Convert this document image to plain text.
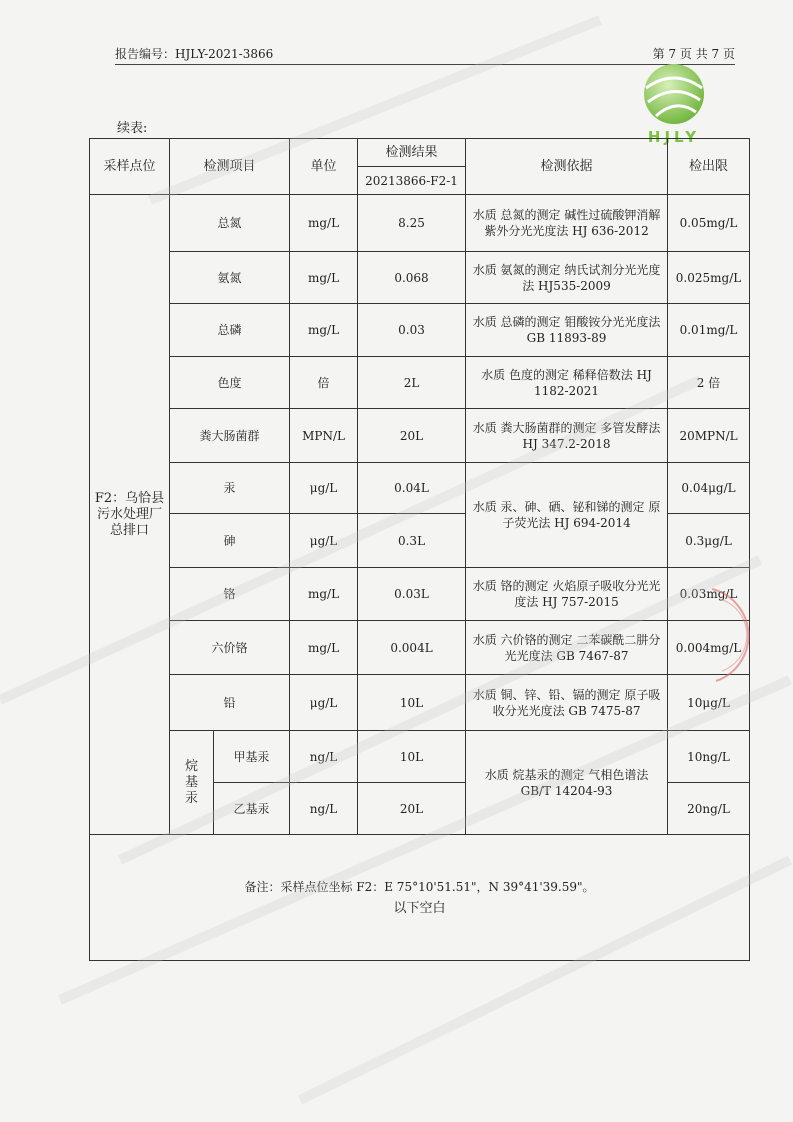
报告编号：HJLY-2021-3866	第 7 页 共 7 页
HJLY
续表:
采样点位	检测项目		单位	检测结果	检测依据	检出限
				20213866-F2-1		
F2：乌恰县污水处理厂总排口	总氮		mg/L	8.25	水质 总氮的测定 碱性过硫酸钾消解 紫外分光光度法 HJ 636-2012	0.05mg/L
	氨氮		mg/L	0.068	水质 氨氮的测定 纳氏试剂分光光度法 HJ535-2009	0.025mg/L
	总磷		mg/L	0.03	水质 总磷的测定 钼酸铵分光光度法 GB 11893-89	0.01mg/L
	色度		倍	2L	水质 色度的测定 稀释倍数法 HJ 1182-2021	2 倍
	粪大肠菌群		MPN/L	20L	水质 粪大肠菌群的测定 多管发酵法 HJ 347.2-2018	20MPN/L
	汞		μg/L	0.04L	水质 汞、砷、硒、铋和锑的测定 原子荧光法 HJ 694-2014	0.04μg/L
	砷		μg/L	0.3L		0.3μg/L
	铬		mg/L	0.03L	水质 铬的测定 火焰原子吸收分光光度法 HJ 757-2015	0.03mg/L
	六价铬		mg/L	0.004L	水质 六价铬的测定 二苯碳酰二肼分光光度法 GB 7467-87	0.004mg/L
	铅		μg/L	10L	水质 铜、锌、铅、镉的测定 原子吸收分光光度法 GB 7475-87	10μg/L

	烷基汞	甲基汞	ng/L	10L	水质 烷基汞的测定 气相色谱法 GB/T 14204-93	10ng/L
		乙基汞	ng/L	20L		20ng/L

备注：采样点位坐标 F2：E 75°10'51.51"，N 39°41'39.59"。
以下空白						
